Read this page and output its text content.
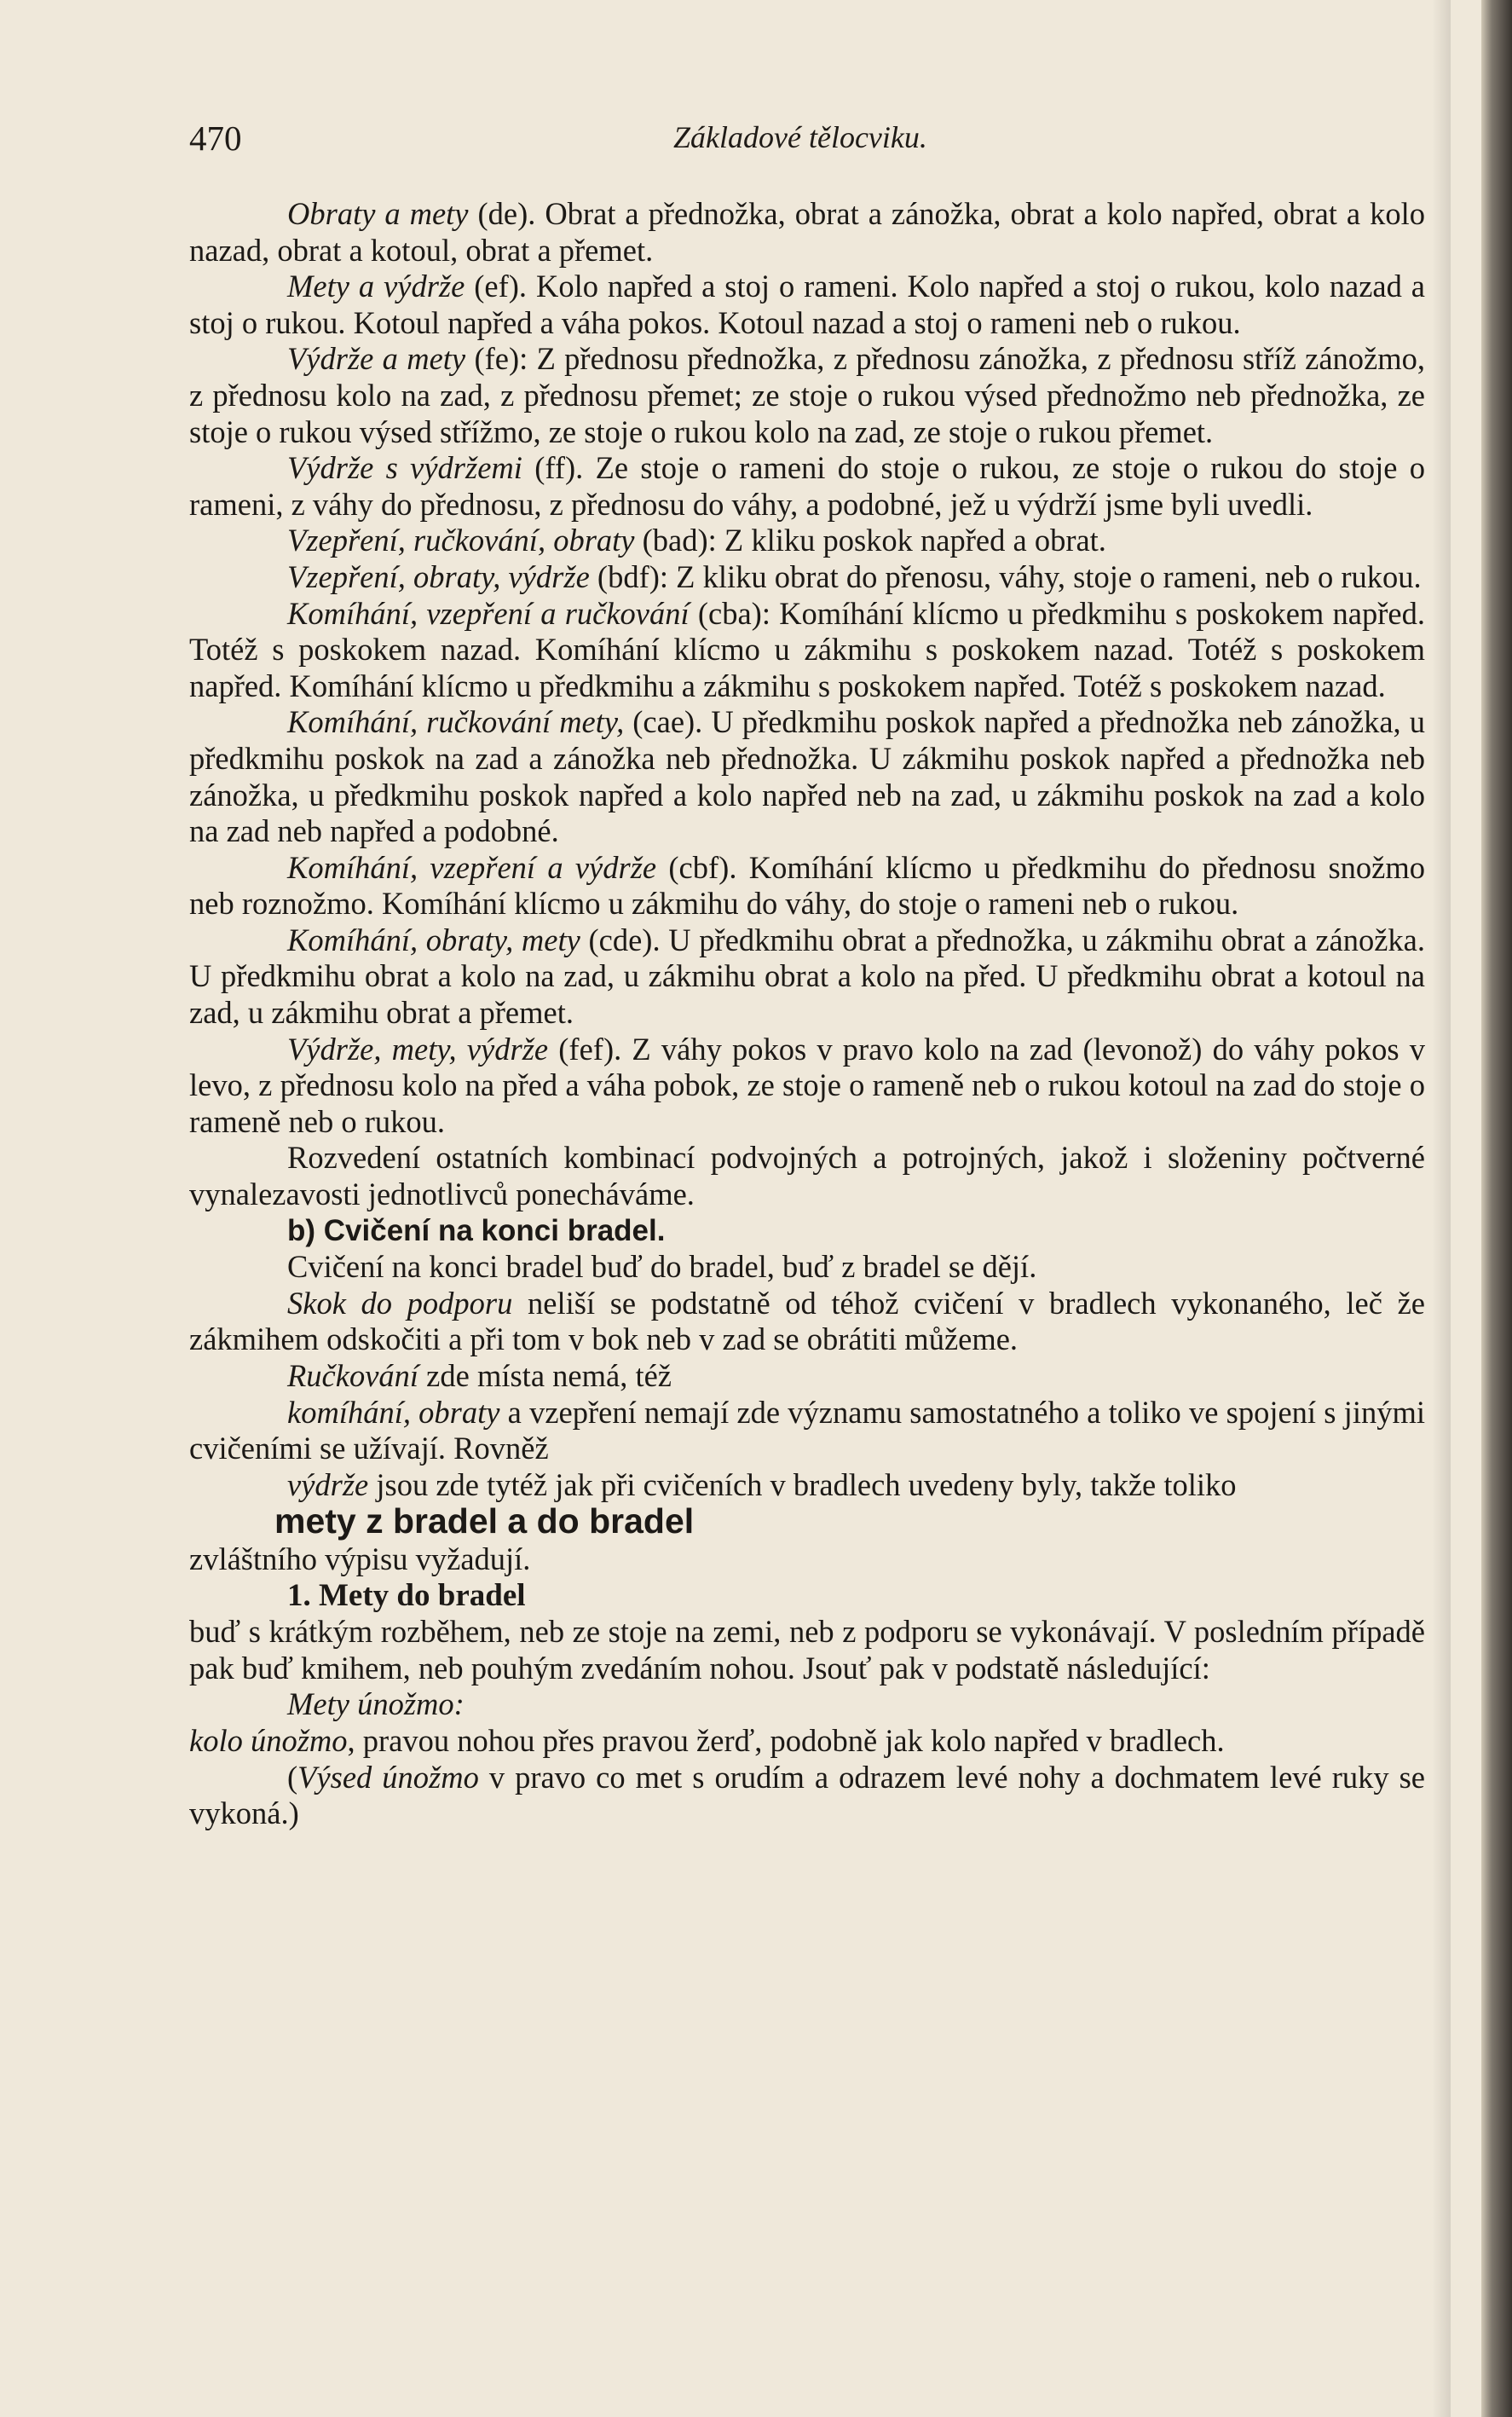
470	Základové tělocviku.

Obraty a mety (de). Obrat a přednožka, obrat a zánožka, obrat a kolo napřed, obrat a kolo nazad, obrat a kotoul, obrat a přemet.

Mety a výdrže (ef). Kolo napřed a stoj o rameni. Kolo napřed a stoj o rukou, kolo nazad a stoj o rukou. Kotoul napřed a váha pokos. Kotoul nazad a stoj o rameni neb o rukou.

Výdrže a mety (fe): Z přednosu přednožka, z přednosu zánožka, z přednosu stříž zánožmo, z přednosu kolo na zad, z přednosu přemet; ze stoje o rukou výsed přednožmo neb přednožka, ze stoje o rukou výsed střížmo, ze stoje o rukou kolo na zad, ze stoje o rukou přemet.

Výdrže s výdržemi (ff). Ze stoje o rameni do stoje o rukou, ze stoje o rukou do stoje o rameni, z váhy do přednosu, z přednosu do váhy, a podobné, jež u výdrží jsme byli uvedli.

Vzepření, ručkování, obraty (bad): Z kliku poskok napřed a obrat.

Vzepření, obraty, výdrže (bdf): Z kliku obrat do přenosu, váhy, stoje o rameni, neb o rukou.

Komíhání, vzepření a ručkování (cba): Komíhání klícmo u předkmihu s poskokem napřed. Totéž s poskokem nazad. Komíhání klícmo u zákmihu s poskokem nazad. Totéž s poskokem napřed. Komíhání klícmo u předkmihu a zákmihu s poskokem napřed. Totéž s poskokem nazad.

Komíhání, ručkování mety, (cae). U předkmihu poskok napřed a přednožka neb zánožka, u předkmihu poskok na zad a zánožka neb přednožka. U zákmihu poskok napřed a přednožka neb zánožka, u předkmihu poskok napřed a kolo napřed neb na zad, u zákmihu poskok na zad a kolo na zad neb napřed a podobné.

Komíhání, vzepření a výdrže (cbf). Komíhání klícmo u předkmihu do přednosu snožmo neb roznožmo. Komíhání klícmo u zákmihu do váhy, do stoje o rameni neb o rukou.

Komíhání, obraty, mety (cde). U předkmihu obrat a přednožka, u zákmihu obrat a zánožka. U předkmihu obrat a kolo na zad, u zákmihu obrat a kolo na před. U předkmihu obrat a kotoul na zad, u zákmihu obrat a přemet.

Výdrže, mety, výdrže (fef). Z váhy pokos v pravo kolo na zad (levonož) do váhy pokos v levo, z přednosu kolo na před a váha pobok, ze stoje o rameně neb o rukou kotoul na zad do stoje o rameně neb o rukou.

Rozvedení ostatních kombinací podvojných a potrojných, jakož i složeniny počtverné vynalezavosti jednotlivců ponecháváme.

b) Cvičení na konci bradel.

Cvičení na konci bradel buď do bradel, buď z bradel se dějí.

Skok do podporu neliší se podstatně od téhož cvičení v bradlech vykonaného, leč že zákmihem odskočiti a při tom v bok neb v zad se obrátiti můžeme.

Ručkování zde místa nemá, též

komíhání, obraty a vzepření nemají zde významu samostatného a toliko ve spojení s jinými cvičeními se užívají. Rovněž

výdrže jsou zde tytéž jak při cvičeních v bradlech uvedeny byly, takže toliko

mety z bradel a do bradel

zvláštního výpisu vyžadují.

1. Mety do bradel

buď s krátkým rozběhem, neb ze stoje na zemi, neb z podporu se vykonávají. V posledním případě pak buď kmihem, neb pouhým zvedáním nohou. Jsouť pak v podstatě následující:

Mety únožmo:

kolo únožmo, pravou nohou přes pravou žerď, podobně jak kolo napřed v bradlech.

(Výsed únožmo v pravo co met s orudím a odrazem levé nohy a dochmatem levé ruky se vykoná.)
